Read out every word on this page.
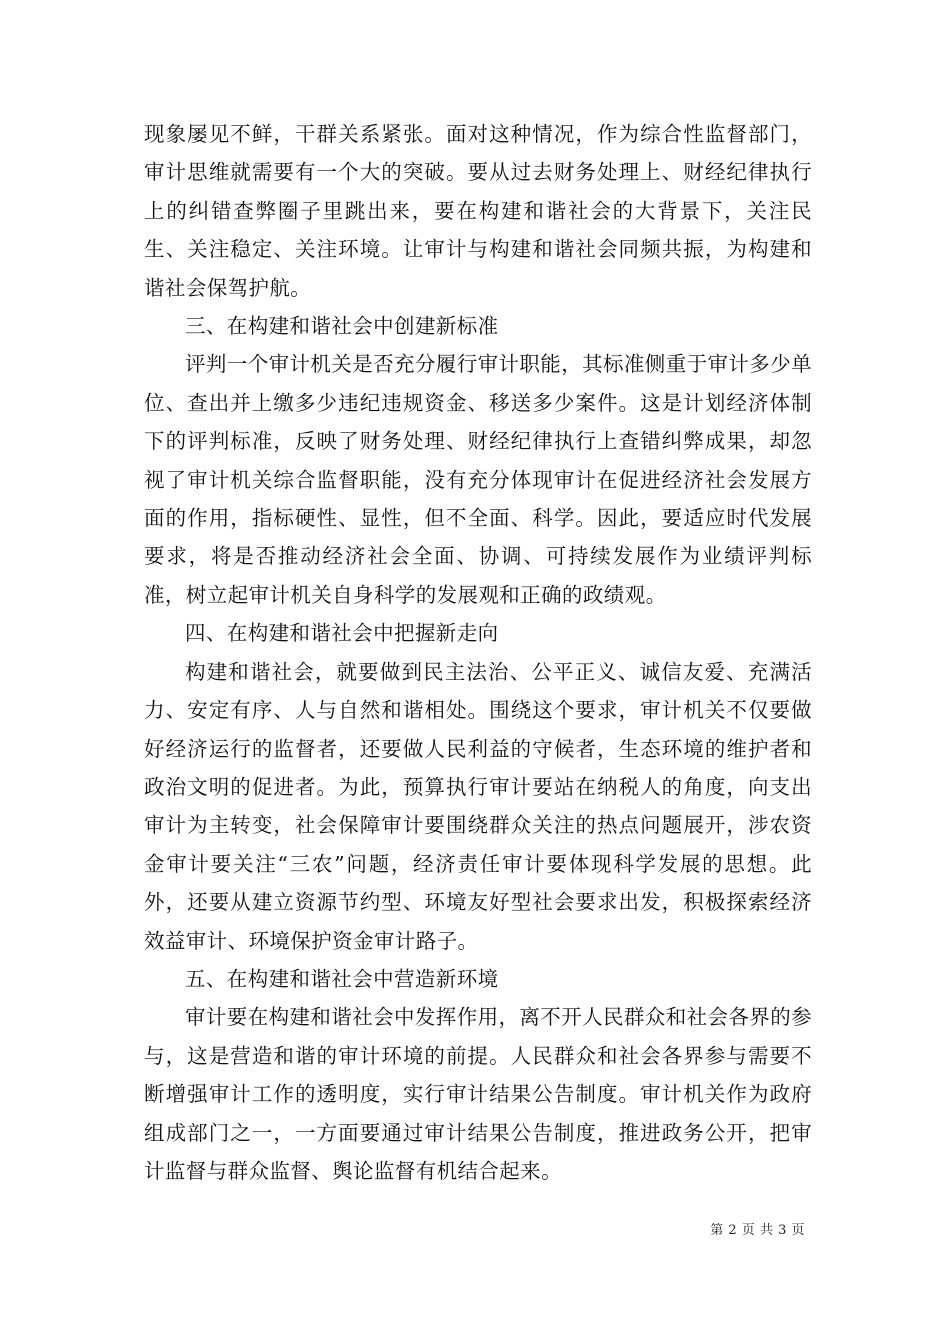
现象屡见不鲜，干群关系紧张。面对这种情况，作为综合性监督部门，审计思维就需要有一个大的突破。要从过去财务处理上、财经纪律执行上的纠错查弊圈子里跳出来，要在构建和谐社会的大背景下，关注民生、关注稳定、关注环境。让审计与构建和谐社会同频共振，为构建和谐社会保驾护航。

三、在构建和谐社会中创建新标准

评判一个审计机关是否充分履行审计职能，其标准侧重于审计多少单位、查出并上缴多少违纪违规资金、移送多少案件。这是计划经济体制下的评判标准，反映了财务处理、财经纪律执行上查错纠弊成果，却忽视了审计机关综合监督职能，没有充分体现审计在促进经济社会发展方面的作用，指标硬性、显性，但不全面、科学。因此，要适应时代发展要求，将是否推动经济社会全面、协调、可持续发展作为业绩评判标准，树立起审计机关自身科学的发展观和正确的政绩观。

四、在构建和谐社会中把握新走向

构建和谐社会，就要做到民主法治、公平正义、诚信友爱、充满活力、安定有序、人与自然和谐相处。围绕这个要求，审计机关不仅要做好经济运行的监督者，还要做人民利益的守候者，生态环境的维护者和政治文明的促进者。为此，预算执行审计要站在纳税人的角度，向支出审计为主转变，社会保障审计要围绕群众关注的热点问题展开，涉农资金审计要关注“三农”问题，经济责任审计要体现科学发展的思想。此外，还要从建立资源节约型、环境友好型社会要求出发，积极探索经济效益审计、环境保护资金审计路子。

五、在构建和谐社会中营造新环境

审计要在构建和谐社会中发挥作用，离不开人民群众和社会各界的参与，这是营造和谐的审计环境的前提。人民群众和社会各界参与需要不断增强审计工作的透明度，实行审计结果公告制度。审计机关作为政府组成部门之一，一方面要通过审计结果公告制度，推进政务公开，把审计监督与群众监督、舆论监督有机结合起来。

第 2 页 共 3 页
